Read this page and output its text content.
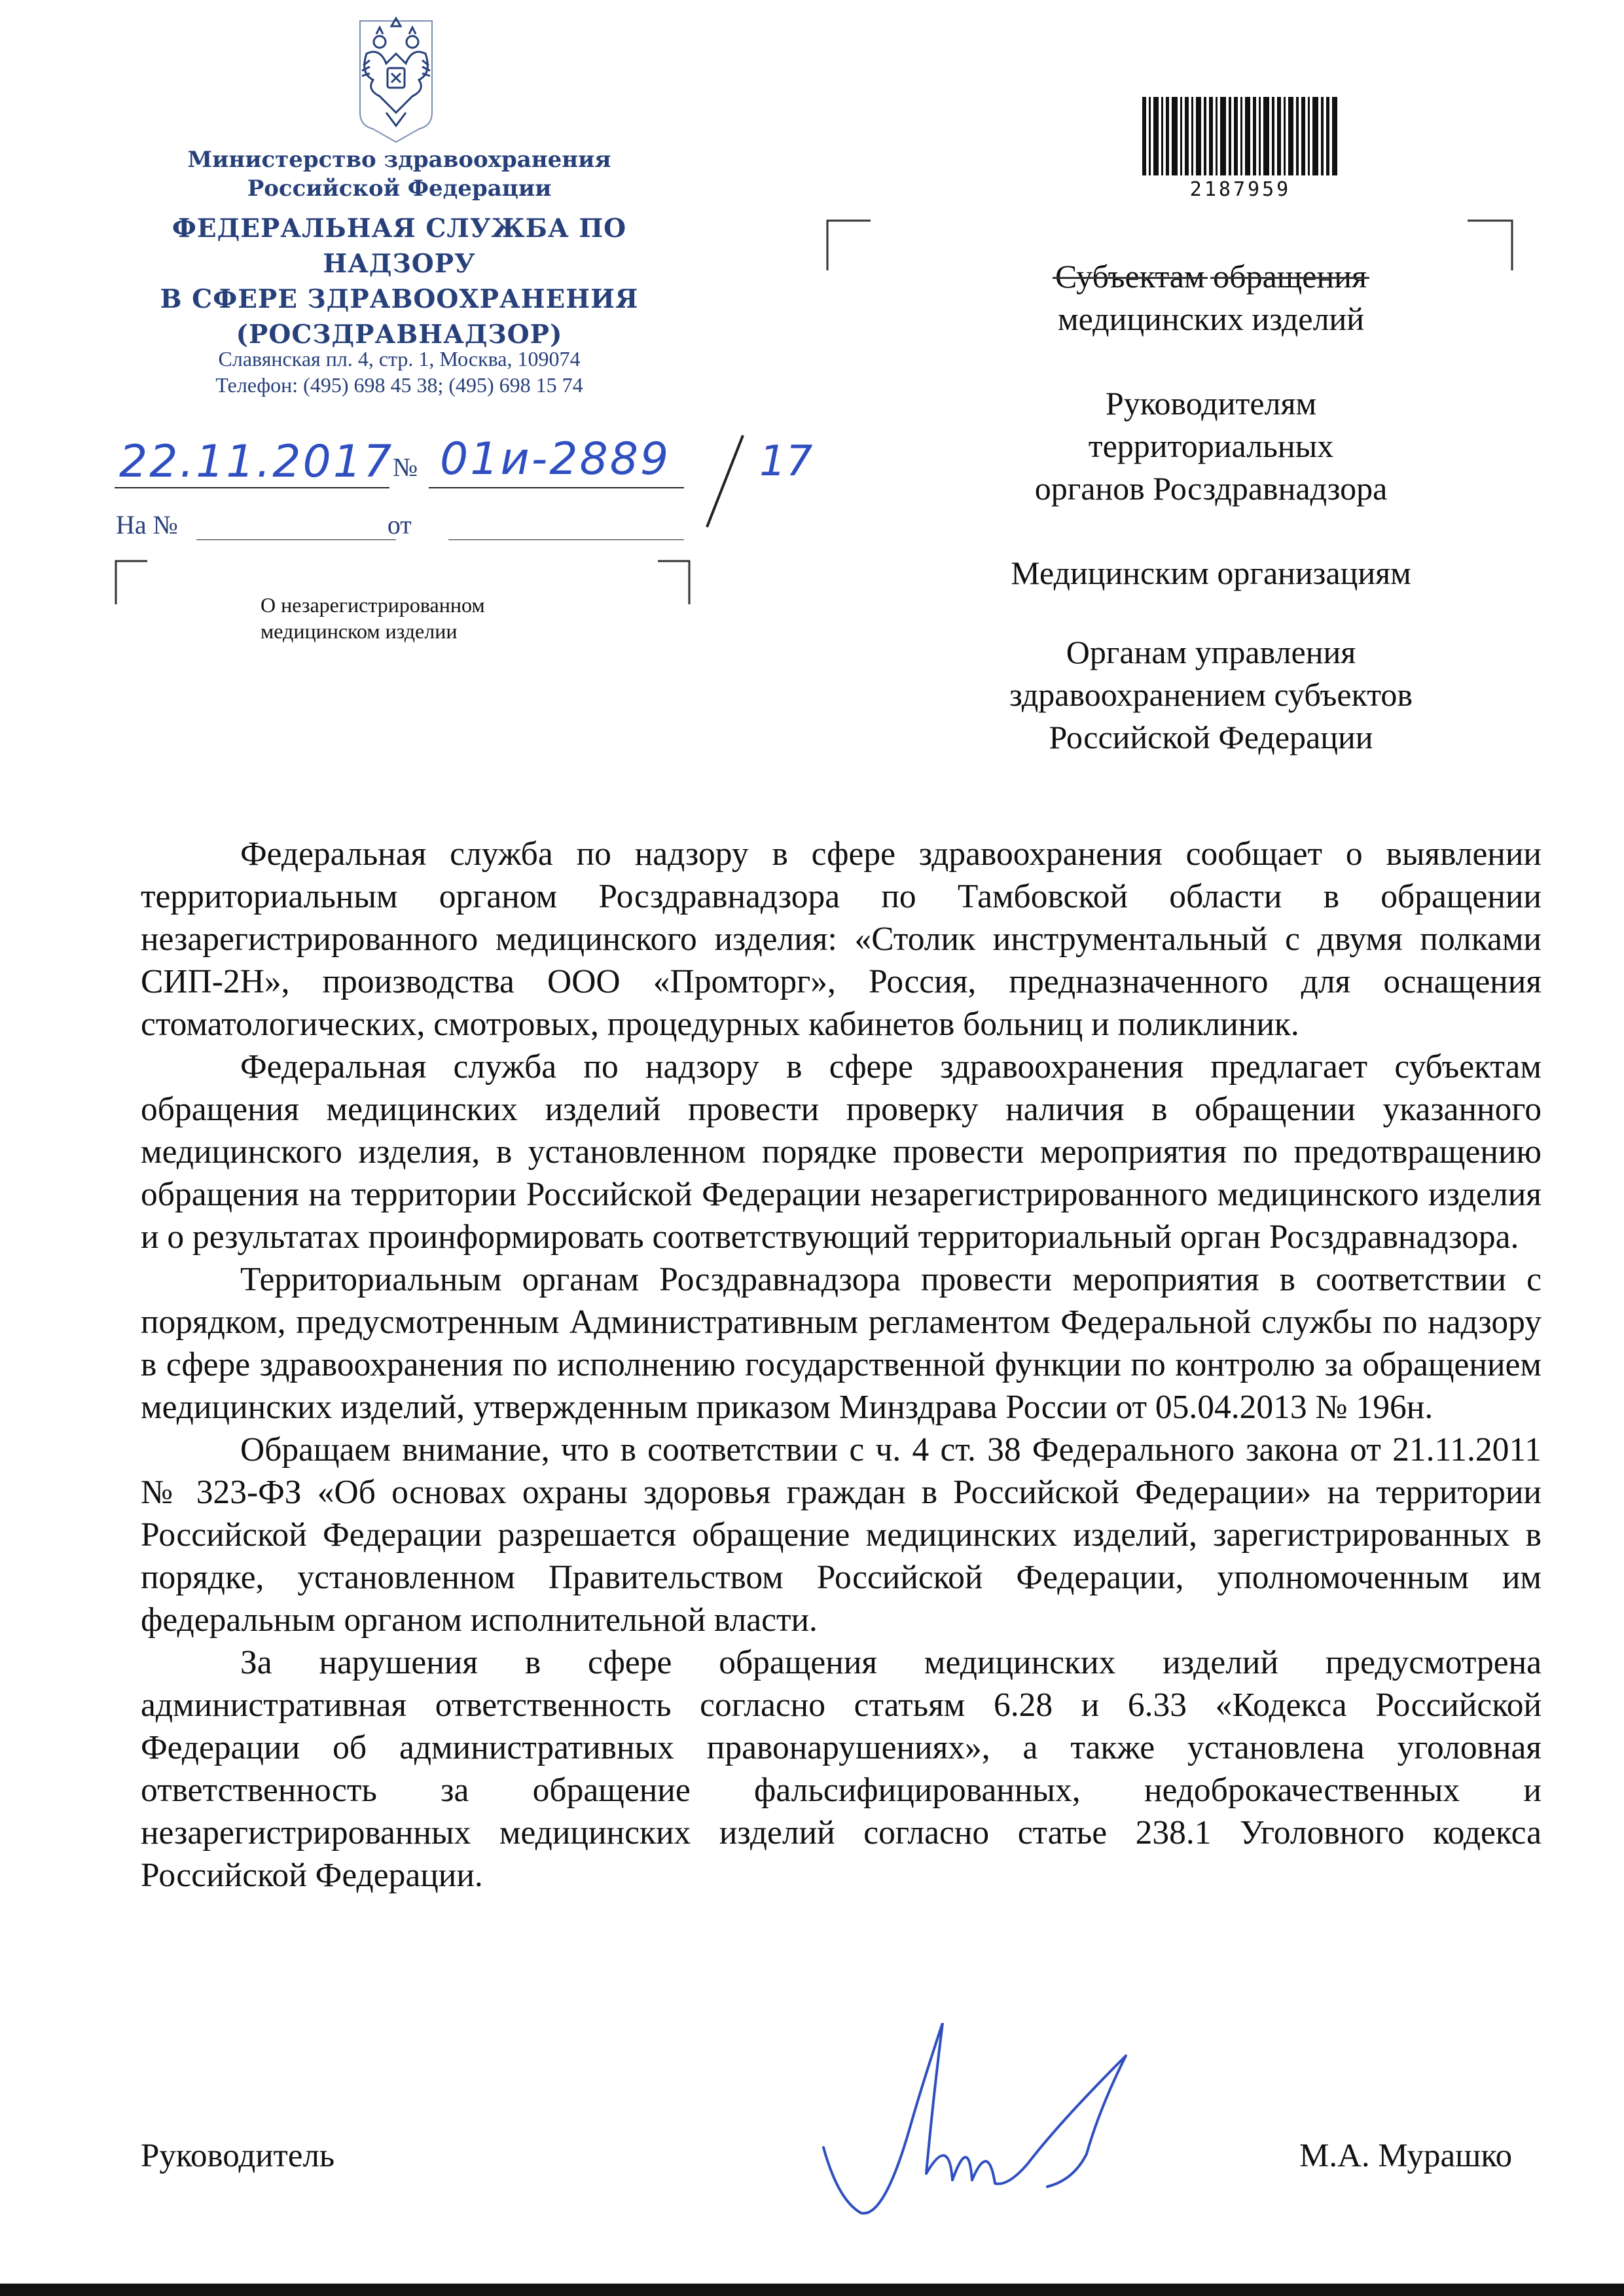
Министерство здравоохранения
Российской Федерации
ФЕДЕРАЛЬНАЯ СЛУЖБА ПО НАДЗОРУ
В СФЕРЕ ЗДРАВООХРАНЕНИЯ
(РОСЗДРАВНАДЗОР)
Славянская пл. 4, стр. 1, Москва, 109074
Телефон: (495) 698 45 38; (495) 698 15 74
22.11.2017
№ 01и-2889 17
На №	от
О незарегистрированном
медицинском изделии
2187959

Субъектам обращения
медицинских изделий

Руководителям
территориальных
органов Росздравнадзора

Медицинским организациям

Органам управления
здравоохранением субъектов
Российской Федерации

Федеральная служба по надзору в сфере здравоохранения сообщает о выявлении территориальным органом Росздравнадзора по Тамбовской области в обращении незарегистрированного медицинского изделия: «Столик инструментальный с двумя полками СИП-2Н», производства ООО «Промторг», Россия, предназначенного для оснащения стоматологических, смотровых, процедурных кабинетов больниц и поликлиник.

Федеральная служба по надзору в сфере здравоохранения предлагает субъектам обращения медицинских изделий провести проверку наличия в обращении указанного медицинского изделия, в установленном порядке провести мероприятия по предотвращению обращения на территории Российской Федерации незарегистрированного медицинского изделия и о результатах проинформировать соответствующий территориальный орган Росздравнадзора.

Территориальным органам Росздравнадзора провести мероприятия в соответствии с порядком, предусмотренным Административным регламентом Федеральной службы по надзору в сфере здравоохранения по исполнению государственной функции по контролю за обращением медицинских изделий, утвержденным приказом Минздрава России от 05.04.2013 № 196н.

Обращаем внимание, что в соответствии с ч. 4 ст. 38 Федерального закона от 21.11.2011 № 323-ФЗ «Об основах охраны здоровья граждан в Российской Федерации» на территории Российской Федерации разрешается обращение медицинских изделий, зарегистрированных в порядке, установленном Правительством Российской Федерации, уполномоченным им федеральным органом исполнительной власти.

За нарушения в сфере обращения медицинских изделий предусмотрена административная ответственность согласно статьям 6.28 и 6.33 «Кодекса Российской Федерации об административных правонарушениях», а также установлена уголовная ответственность за обращение фальсифицированных, недоброкачественных и незарегистрированных медицинских изделий согласно статье 238.1 Уголовного кодекса Российской Федерации.

Руководитель	М.А. Мурашко
